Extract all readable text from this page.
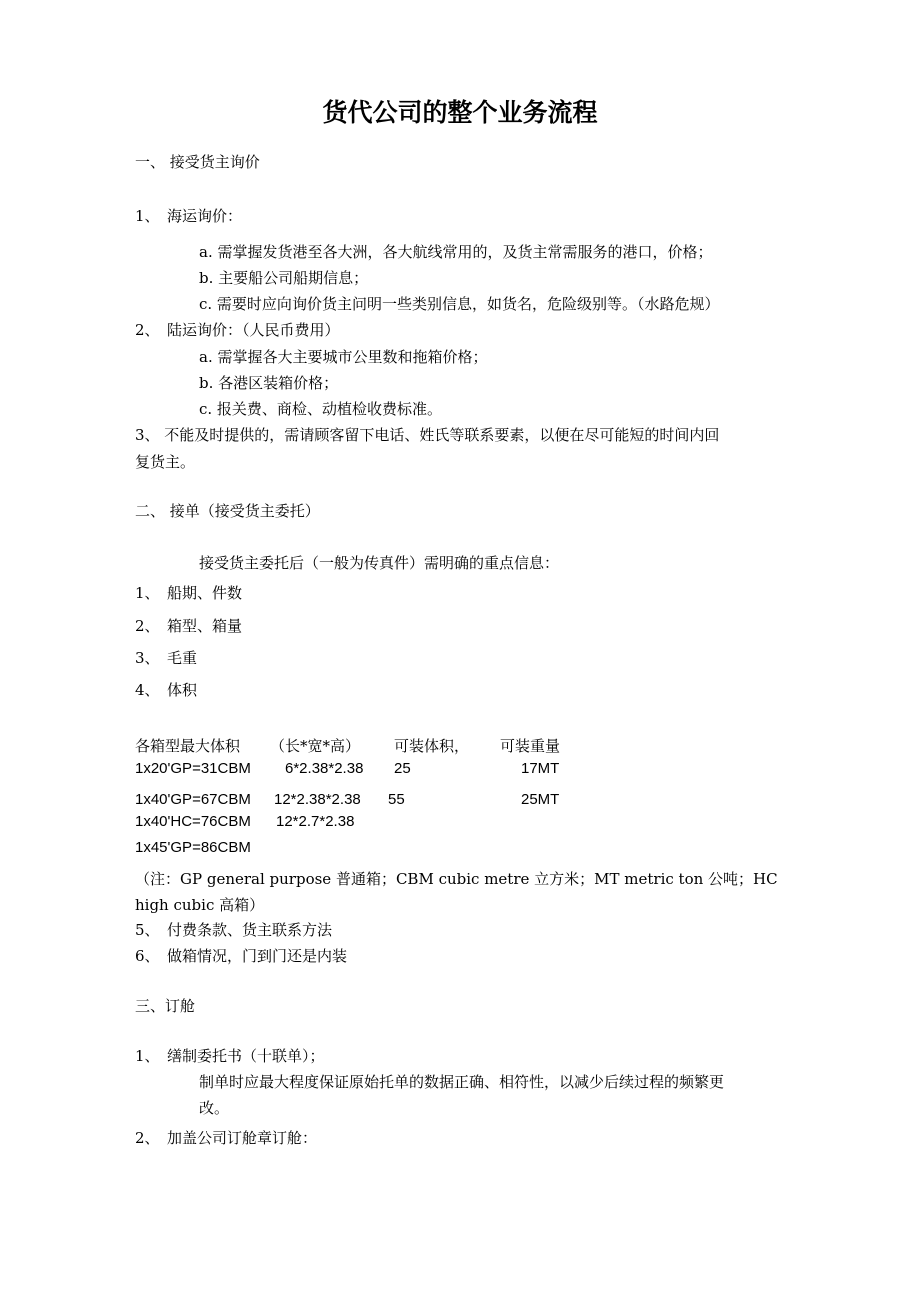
货代公司的整个业务流程
一、 接受货主询价
1、 海运询价：
a. 需掌握发货港至各大洲，各大航线常用的，及货主常需服务的港口，价格；
b. 主要船公司船期信息；
c. 需要时应向询价货主问明一些类别信息，如货名，危险级别等。（水路危规）
2、 陆运询价：（人民币费用）
a. 需掌握各大主要城市公里数和拖箱价格；
b. 各港区装箱价格；
c. 报关费、商检、动植检收费标准。
3、 不能及时提供的，需请顾客留下电话、姓氏等联系要素，以便在尽可能短的时间内回
复货主。
二、 接单（接受货主委托）
接受货主委托后（一般为传真件）需明确的重点信息：
1、 船期、件数
2、 箱型、箱量
3、 毛重
4、 体积
各箱型最大体积 （长*宽*高） 可装体积， 可装重量
1x20'GP=31CBM 6*2.38*2.38 25	17MT
1x40'GP=67CBM 12*2.38*2.38 55	25MT
1x40'HC=76CBM 12*2.7*2.38
1x45'GP=86CBM
（注：GP general purpose 普通箱；CBM cubic metre 立方米；MT metric ton 公吨；HC
high cubic 高箱）
5、 付费条款、货主联系方法
6、 做箱情况，门到门还是内装
三、订舱
1、 缮制委托书（十联单）；
制单时应最大程度保证原始托单的数据正确、相符性，以减少后续过程的频繁更
改。
2、 加盖公司订舱章订舱：
